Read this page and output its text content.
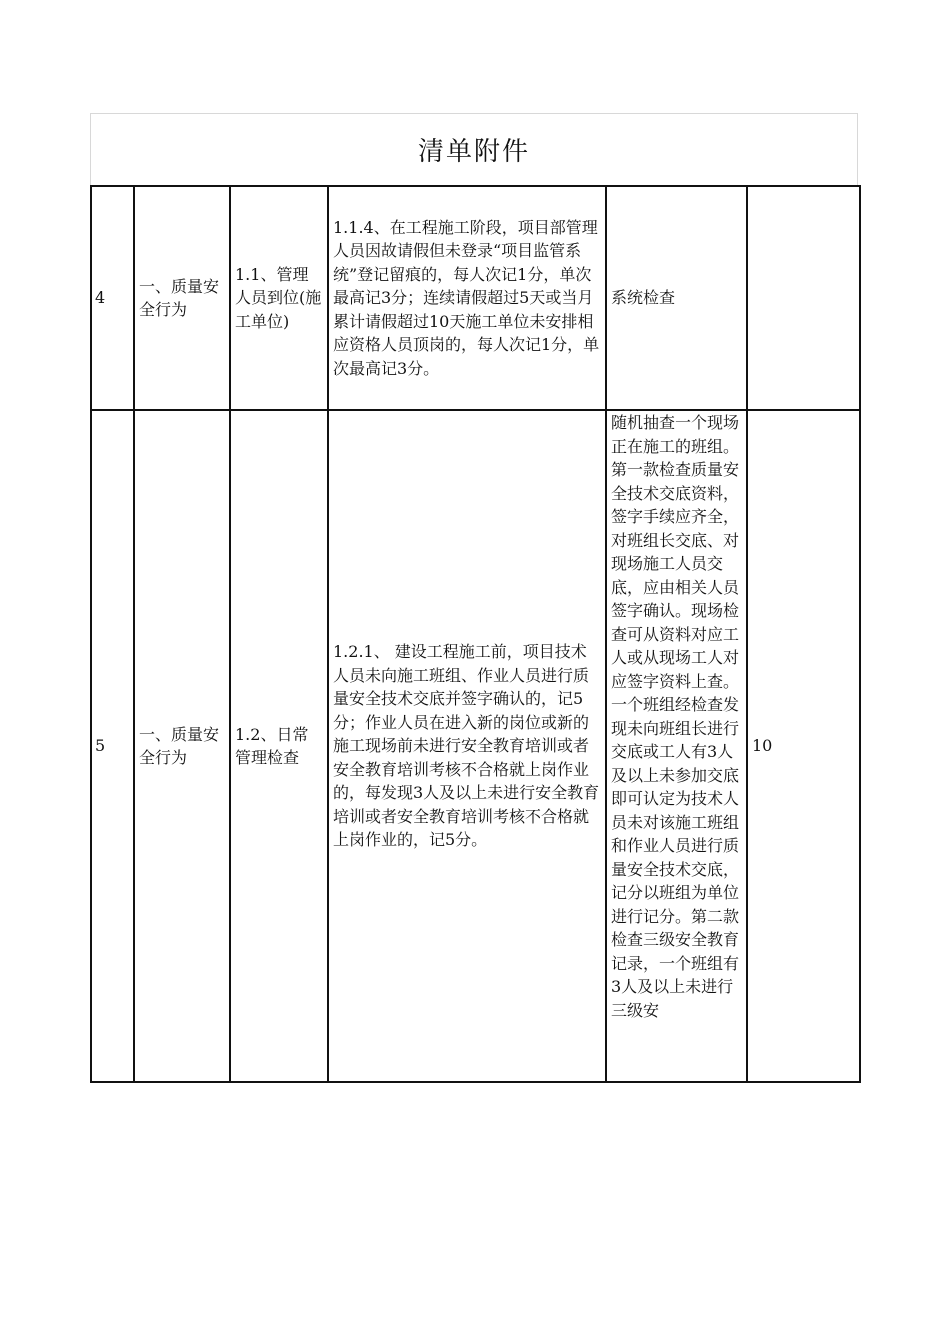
清单附件
4	一、质量安全行为	1.1、管理人员到位(施工单位)	1.1.4、在工程施工阶段，项目部管理人员因故请假但未登录“项目监管系统”登记留痕的，每人次记1分，单次最高记3分；连续请假超过5天或当月累计请假超过10天施工单位未安排相应资格人员顶岗的，每人次记1分，单次最高记3分。	系统检查	
5	一、质量安全行为	1.2、日常管理检查	1.2.1、 建设工程施工前，项目技术人员未向施工班组、作业人员进行质量安全技术交底并签字确认的，记5分；作业人员在进入新的岗位或新的施工现场前未进行安全教育培训或者安全教育培训考核不合格就上岗作业的，每发现3人及以上未进行安全教育培训或者安全教育培训考核不合格就上岗作业的，记5分。	随机抽查一个现场正在施工的班组。第一款检查质量安全技术交底资料，签字手续应齐全，对班组长交底、对现场施工人员交底，应由相关人员签字确认。现场检查可从资料对应工人或从现场工人对应签字资料上查。一个班组经检查发现未向班组长进行交底或工人有3人及以上未参加交底即可认定为技术人员未对该施工班组和作业人员进行质量安全技术交底，记分以班组为单位进行记分。第二款检查三级安全教育记录，一个班组有3人及以上未进行三级安	10
